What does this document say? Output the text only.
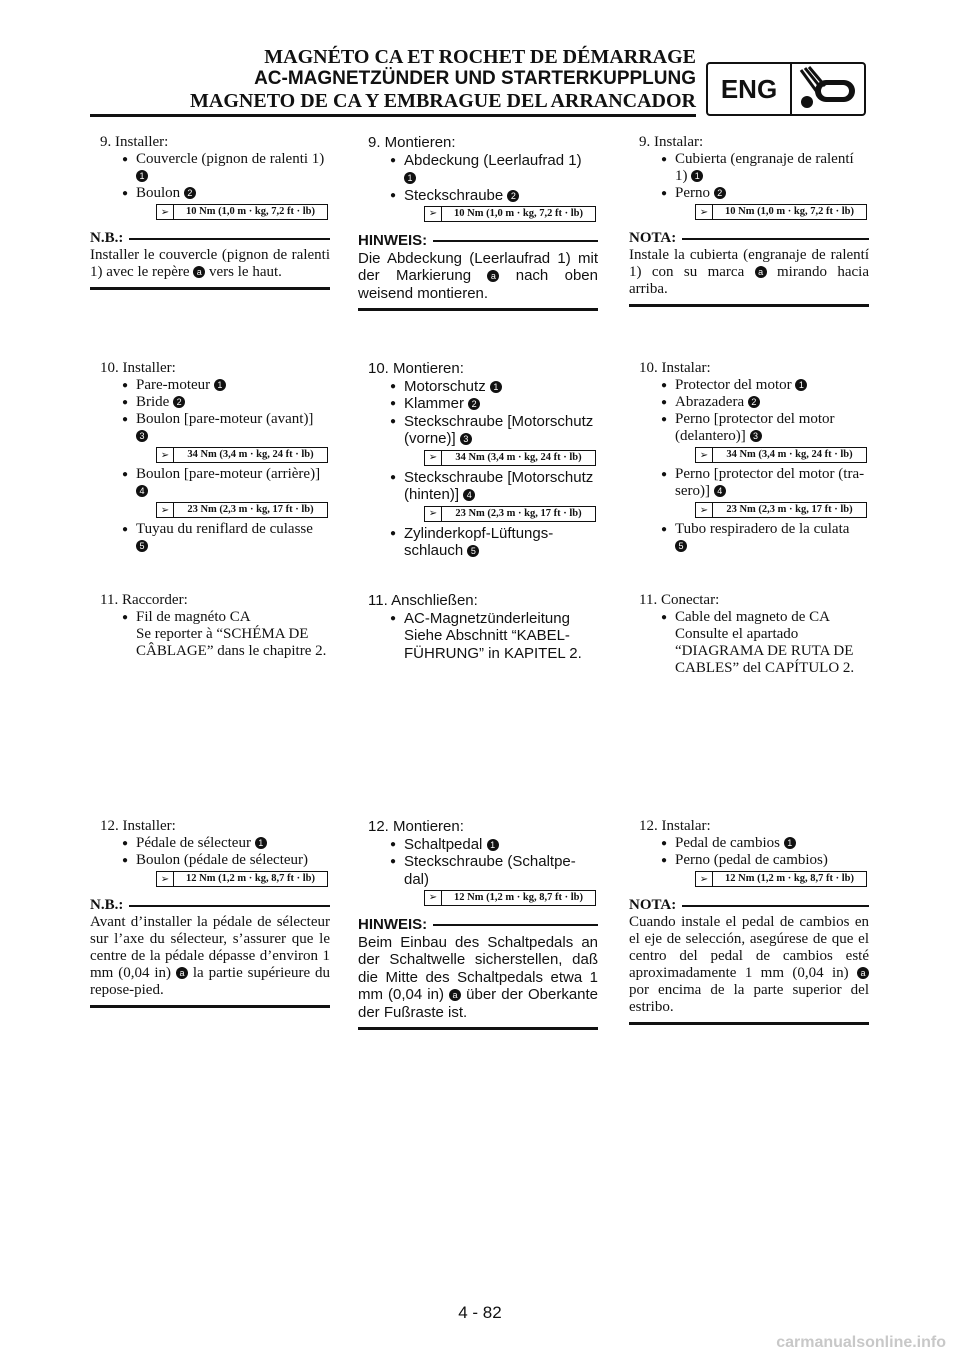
MAGNÉTO CA ET ROCHET DE DÉMARRAGE
AC-MAGNETZÜNDER UND STARTERKUPPLUNG
MAGNETO DE CA Y EMBRAGUE DEL ARRANCADOR ENG
9. Installer:
● Couvercle (pignon de ralenti 1)
1
● Boulon 2
➢	10 Nm (1,0 m · kg, 7,2 ft · lb)
N.B.:
Installer le couvercle (pignon de ralenti 1) avec le repère a vers le haut.
10. Installer:
● Pare-moteur 1
● Bride 2
● Boulon [pare-moteur (avant)]
3
➢	34 Nm (3,4 m · kg, 24 ft · lb)
● Boulon [pare-moteur (arrière)]
4
➢	23 Nm (2,3 m · kg, 17 ft · lb)
● Tuyau du reniflard de culasse
5
11. Raccorder:
● Fil de magnéto CA
Se reporter à “SCHÉMA DE CÂBLAGE” dans le chapitre 2.
12. Installer:
● Pédale de sélecteur 1
● Boulon (pédale de sélecteur)
➢	12 Nm (1,2 m · kg, 8,7 ft · lb)
N.B.:
Avant d’installer la pédale de sélecteur sur l’axe du sélecteur, s’assurer que le centre de la pédale dépasse d’environ 1 mm (0,04 in) a la partie supérieure du repose-pied.
9. Montieren:
● Abdeckung (Leerlaufrad 1)
1
● Steckschraube 2
➢	10 Nm (1,0 m · kg, 7,2 ft · lb)
HINWEIS:
Die Abdeckung (Leerlaufrad 1) mit der Markierung a nach oben weisend montieren.
10. Montieren:
● Motorschutz 1
● Klammer 2
● Steckschraube [Motorschutz (vorne)] 3
➢	34 Nm (3,4 m · kg, 24 ft · lb)
● Steckschraube [Motorschutz (hinten)] 4
➢	23 Nm (2,3 m · kg, 17 ft · lb)
● Zylinderkopf-Lüftungs-schlauch 5
11. Anschließen:
● AC-Magnetzünderleitung
Siehe Abschnitt “KABEL-FÜHRUNG” in KAPITEL 2.
12. Montieren:
● Schaltpedal 1
● Steckschraube (Schaltpe-dal)
➢	12 Nm (1,2 m · kg, 8,7 ft · lb)
HINWEIS:
Beim Einbau des Schaltpedals an der Schaltwelle sicherstellen, daß die Mitte des Schaltpedals etwa 1 mm (0,04 in) a über der Oberkante der Fußraste ist.
9. Instalar:
● Cubierta (engranaje de ralentí 1) 1
● Perno 2
➢	10 Nm (1,0 m · kg, 7,2 ft · lb)
NOTA:
Instale la cubierta (engranaje de ralentí 1) con su marca a mirando hacia arriba.
10. Instalar:
● Protector del motor 1
● Abrazadera 2
● Perno [protector del motor (delantero)] 3
➢	34 Nm (3,4 m · kg, 24 ft · lb)
● Perno [protector del motor (tra-sero)] 4
➢	23 Nm (2,3 m · kg, 17 ft · lb)
● Tubo respiradero de la culata
5
11. Conectar:
● Cable del magneto de CA
Consulte el apartado “DIAGRAMA DE RUTA DE CABLES” del CAPÍTULO 2.
12. Instalar:
● Pedal de cambios 1
● Perno (pedal de cambios)
➢	12 Nm (1,2 m · kg, 8,7 ft · lb)
NOTA:
Cuando instale el pedal de cambios en el eje de selección, asegúrese de que el centro del pedal de cambios esté aproximadamente 1 mm (0,04 in) a por encima de la parte superior del estribo.
4 - 82
carmanualsonline.info
